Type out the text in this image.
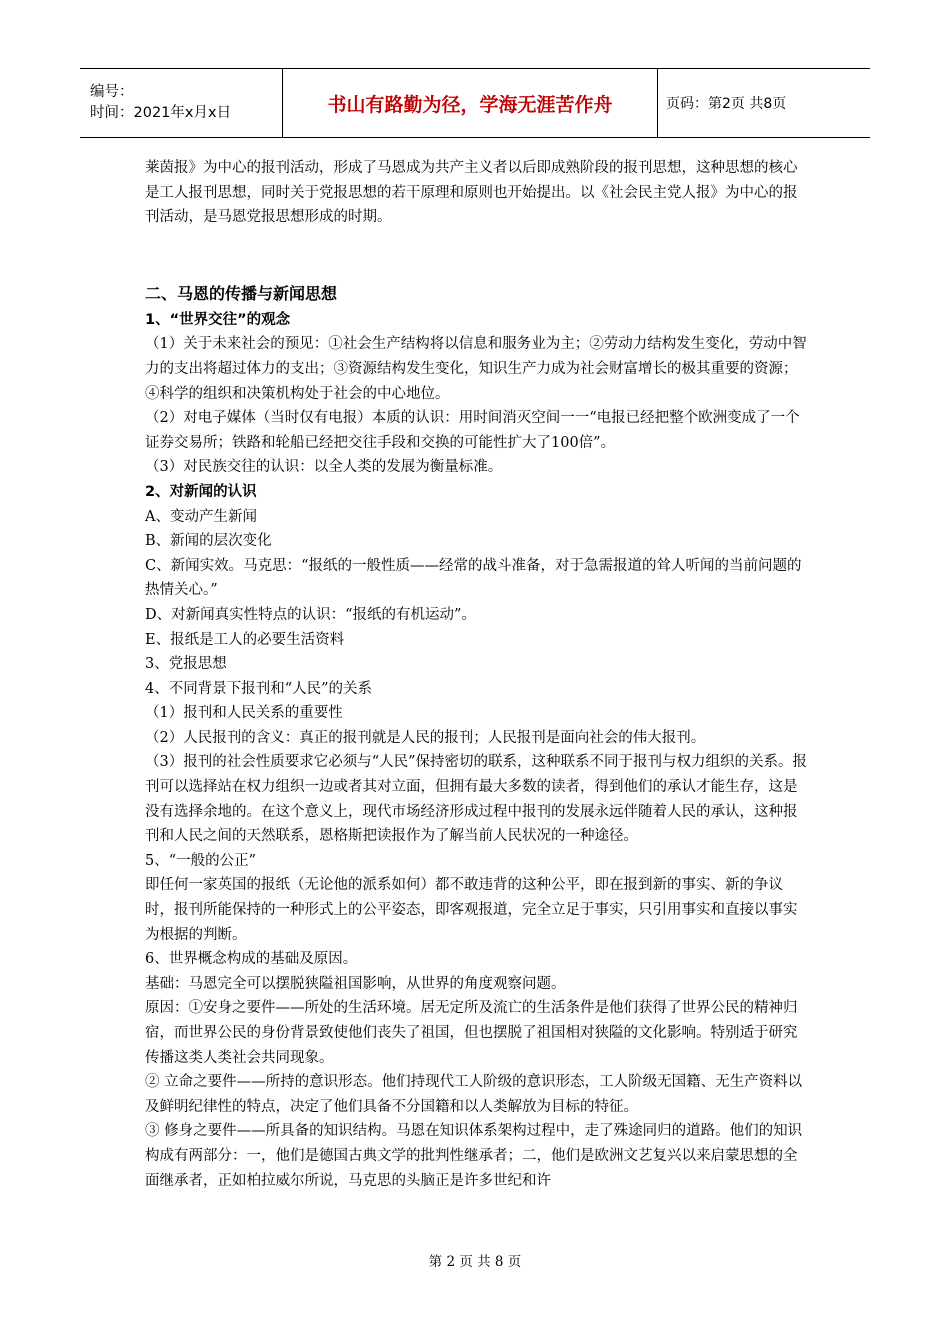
编号：
时间：2021年x月x日	书山有路勤为径，学海无涯苦作舟	页码：第2页 共8页

莱茵报》为中心的报刊活动，形成了马恩成为共产主义者以后即成熟阶段的报刊思想，这种思想的核心是工人报刊思想，同时关于党报思想的若干原理和原则也开始提出。以《社会民主党人报》为中心的报刊活动，是马恩党报思想形成的时期。

二、马恩的传播与新闻思想

1、“世界交往”的观念

（1）关于未来社会的预见：①社会生产结构将以信息和服务业为主；②劳动力结构发生变化，劳动中智力的支出将超过体力的支出；③资源结构发生变化，知识生产力成为社会财富增长的极其重要的资源；④科学的组织和决策机构处于社会的中心地位。

（2）对电子媒体（当时仅有电报）本质的认识：用时间消灭空间一一“电报已经把整个欧洲变成了一个证券交易所；铁路和轮船已经把交往手段和交换的可能性扩大了100倍”。

（3）对民族交往的认识：以全人类的发展为衡量标准。

2、对新闻的认识

A、变动产生新闻

B、新闻的层次变化

C、新闻实效。马克思：“报纸的一般性质——经常的战斗准备，对于急需报道的耸人听闻的当前问题的热情关心。”

D、对新闻真实性特点的认识：“报纸的有机运动”。

E、报纸是工人的必要生活资料

3、党报思想

4、不同背景下报刊和“人民”的关系

（1）报刊和人民关系的重要性

（2）人民报刊的含义：真正的报刊就是人民的报刊；人民报刊是面向社会的伟大报刊。

（3）报刊的社会性质要求它必须与“人民”保持密切的联系，这种联系不同于报刊与权力组织的关系。报刊可以选择站在权力组织一边或者其对立面，但拥有最大多数的读者，得到他们的承认才能生存，这是没有选择余地的。在这个意义上，现代市场经济形成过程中报刊的发展永远伴随着人民的承认，这种报刊和人民之间的天然联系，恩格斯把读报作为了解当前人民状况的一种途径。

5、“一般的公正”

即任何一家英国的报纸（无论他的派系如何）都不敢违背的这种公平，即在报到新的事实、新的争议时，报刊所能保持的一种形式上的公平姿态，即客观报道，完全立足于事实，只引用事实和直接以事实为根据的判断。

6、世界概念构成的基础及原因。

基础：马恩完全可以摆脱狭隘祖国影响，从世界的角度观察问题。

原因：①安身之要件——所处的生活环境。居无定所及流亡的生活条件是他们获得了世界公民的精神归宿，而世界公民的身份背景致使他们丧失了祖国，但也摆脱了祖国相对狭隘的文化影响。特别适于研究传播这类人类社会共同现象。

② 立命之要件——所持的意识形态。他们持现代工人阶级的意识形态，工人阶级无国籍、无生产资料以及鲜明纪律性的特点，决定了他们具备不分国籍和以人类解放为目标的特征。

③ 修身之要件——所具备的知识结构。马恩在知识体系架构过程中，走了殊途同归的道路。他们的知识构成有两部分：一，他们是德国古典文学的批判性继承者；二，他们是欧洲文艺复兴以来启蒙思想的全面继承者，正如柏拉威尔所说，马克思的头脑正是许多世纪和许

第 2 页 共 8 页
